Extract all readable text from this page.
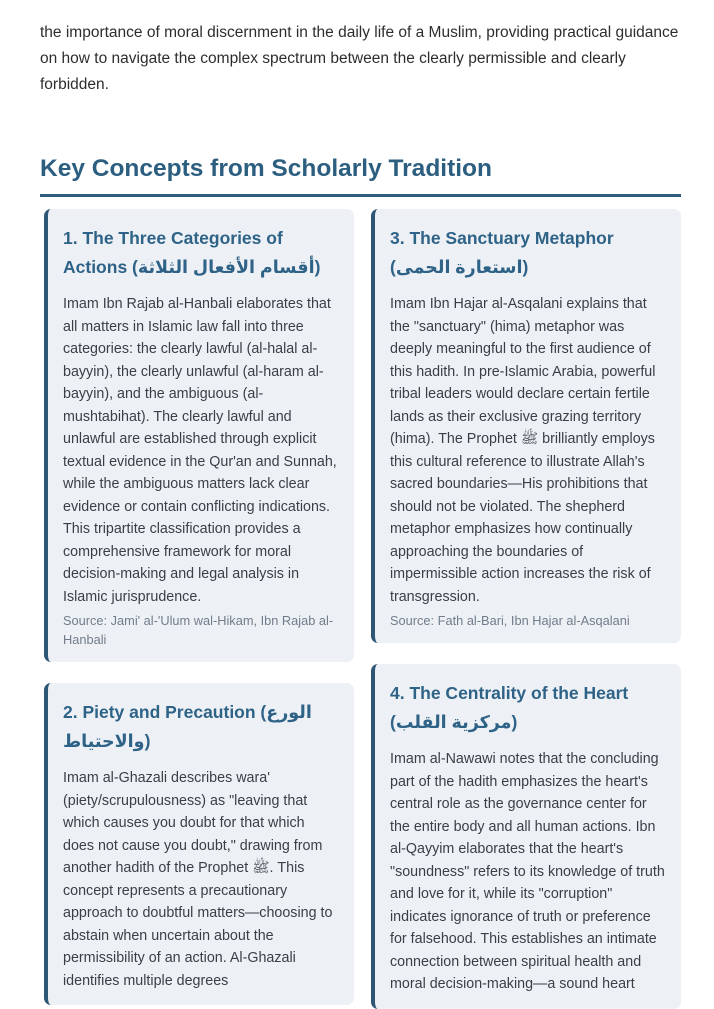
the importance of moral discernment in the daily life of a Muslim, providing practical guidance on how to navigate the complex spectrum between the clearly permissible and clearly forbidden.

Key Concepts from Scholarly Tradition
1. The Three Categories of Actions (أقسام الأفعال الثلاثة)

Imam Ibn Rajab al-Hanbali elaborates that all matters in Islamic law fall into three categories: the clearly lawful (al-halal al-bayyin), the clearly unlawful (al-haram al-bayyin), and the ambiguous (al-mushtabihat). The clearly lawful and unlawful are established through explicit textual evidence in the Qur'an and Sunnah, while the ambiguous matters lack clear evidence or contain conflicting indications. This tripartite classification provides a comprehensive framework for moral decision-making and legal analysis in Islamic jurisprudence.

Source: Jami' al-'Ulum wal-Hikam, Ibn Rajab al-Hanbali

2. Piety and Precaution (الورع والاحتياط)

Imam al-Ghazali describes wara' (piety/scrupulousness) as "leaving that which causes you doubt for that which does not cause you doubt," drawing from another hadith of the Prophet ﷺ. This concept represents a precautionary approach to doubtful matters—choosing to abstain when uncertain about the permissibility of an action. Al-Ghazali identifies multiple degrees

3. The Sanctuary Metaphor (استعارة الحمى)

Imam Ibn Hajar al-Asqalani explains that the "sanctuary" (hima) metaphor was deeply meaningful to the first audience of this hadith. In pre-Islamic Arabia, powerful tribal leaders would declare certain fertile lands as their exclusive grazing territory (hima). The Prophet ﷺ brilliantly employs this cultural reference to illustrate Allah's sacred boundaries—His prohibitions that should not be violated. The shepherd metaphor emphasizes how continually approaching the boundaries of impermissible action increases the risk of transgression.

Source: Fath al-Bari, Ibn Hajar al-Asqalani

4. The Centrality of the Heart (مركزية القلب)

Imam al-Nawawi notes that the concluding part of the hadith emphasizes the heart's central role as the governance center for the entire body and all human actions. Ibn al-Qayyim elaborates that the heart's "soundness" refers to its knowledge of truth and love for it, while its "corruption" indicates ignorance of truth or preference for falsehood. This establishes an intimate connection between spiritual health and moral decision-making—a sound heart
